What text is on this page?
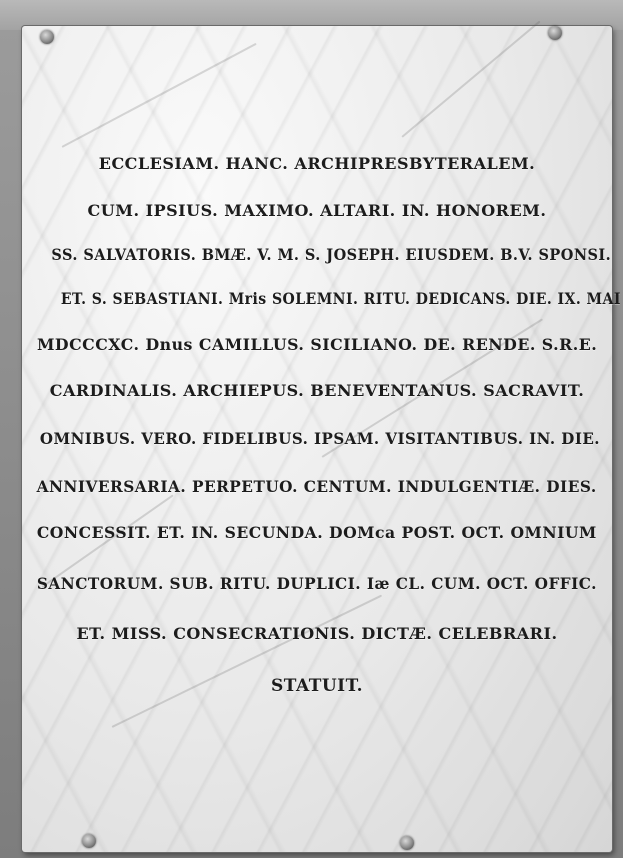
ECCLESIAM. HANC. ARCHIPRESBYTERALEM.
CUM. IPSIUS. MAXIMO. ALTARI. IN. HONOREM.
SS. SALVATORIS. BMÆ. V. M. S. JOSEPH. EIUSDEM. B.V. SPONSI.
ET. S. SEBASTIANI. Mris SOLEMNI. RITU. DEDICANS. DIE. IX. MAI
MDCCCXC. Dnus CAMILLUS. SICILIANO. DE. RENDE. S.R.E.
CARDINALIS. ARCHIEPUS. BENEVENTANUS. SACRAVIT.
OMNIBUS. VERO. FIDELIBUS. IPSAM. VISITANTIBUS. IN. DIE.
ANNIVERSARIA. PERPETUO. CENTUM. INDULGENTIÆ. DIES.
CONCESSIT. ET. IN. SECUNDA. DOMca POST. OCT. OMNIUM
SANCTORUM. SUB. RITU. DUPLICI. Iæ CL. CUM. OCT. OFFIC.
ET. MISS. CONSECRATIONIS. DICTÆ. CELEBRARI.
STATUIT.
